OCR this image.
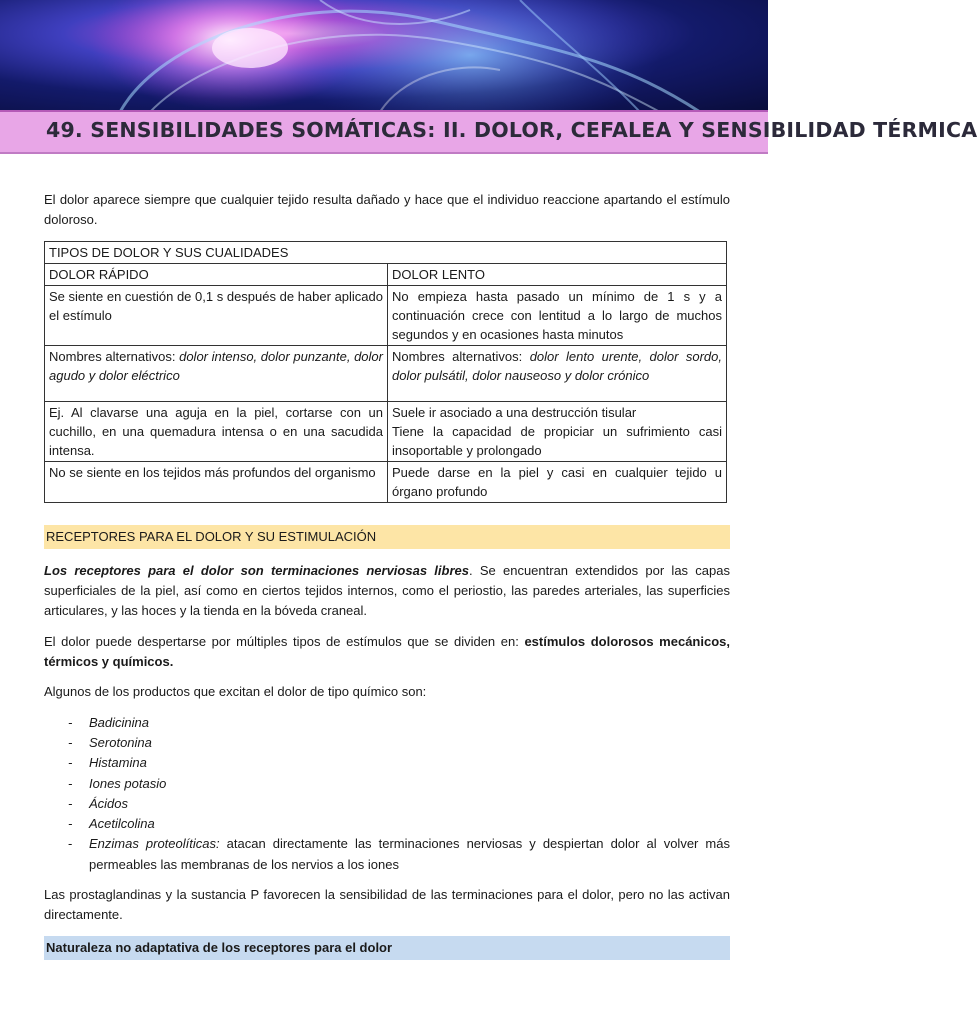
49. SENSIBILIDADES SOMÁTICAS: II. DOLOR, CEFALEA Y SENSIBILIDAD TÉRMICA

El dolor aparece siempre que cualquier tejido resulta dañado y hace que el individuo reaccione apartando el estímulo doloroso.

TIPOS DE DOLOR Y SUS CUALIDADES	
DOLOR RÁPIDO	DOLOR LENTO
Se siente en cuestión de 0,1 s después de haber aplicado el estímulo	No empieza hasta pasado un mínimo de 1 s y a continuación crece con lentitud a lo largo de muchos segundos y en ocasiones hasta minutos
Nombres alternativos: dolor intenso, dolor punzante, dolor agudo y dolor eléctrico	Nombres alternativos: dolor lento urente, dolor sordo, dolor pulsátil, dolor nauseoso y dolor crónico
Ej. Al clavarse una aguja en la piel, cortarse con un cuchillo, en una quemadura intensa o en una sacudida intensa.	Suele ir asociado a una destrucción tisular
Tiene la capacidad de propiciar un sufrimiento casi insoportable y prolongado

No se siente en los tejidos más profundos del organismo	Puede darse en la piel y casi en cualquier tejido u órgano profundo
RECEPTORES PARA EL DOLOR Y SU ESTIMULACIÓN

Los receptores para el dolor son terminaciones nerviosas libres. Se encuentran extendidos por las capas superficiales de la piel, así como en ciertos tejidos internos, como el periostio, las paredes arteriales, las superficies articulares, y las hoces y la tienda en la bóveda craneal.

El dolor puede despertarse por múltiples tipos de estímulos que se dividen en: estímulos dolorosos mecánicos, térmicos y químicos.

Algunos de los productos que excitan el dolor de tipo químico son:

- Badicinina
- Serotonina
- Histamina
- Iones potasio
- Ácidos
- Acetilcolina
- Enzimas proteolíticas: atacan directamente las terminaciones nerviosas y despiertan dolor al volver más permeables las membranas de los nervios a los iones

Las prostaglandinas y la sustancia P favorecen la sensibilidad de las terminaciones para el dolor, pero no las activan directamente.

Naturaleza no adaptativa de los receptores para el dolor
